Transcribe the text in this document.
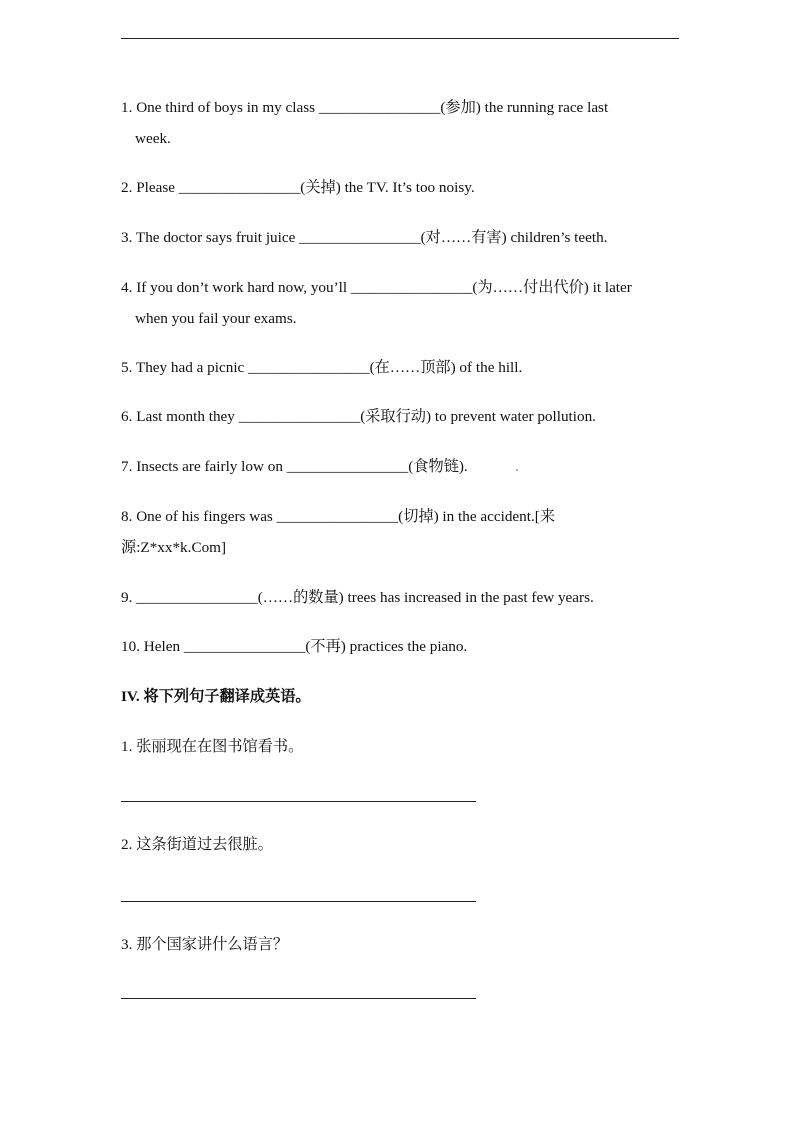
1. One third of boys in my class ________________(参加) the running race last
week.
2. Please ________________(关掉) the TV. It’s too noisy.
3. The doctor says fruit juice ________________(对……有害) children’s teeth.
4. If you don’t work hard now, you’ll ________________(为……付出代价) it later
when you fail your exams.
5. They had a picnic ________________(在……顶部) of the hill.
6. Last month they ________________(采取行动) to prevent water pollution.
7. Insects are fairly low on ________________(食物链).
8. One of his fingers was ________________(切掉) in the accident.[来
源:Z*xx*k.Com]
9. ________________(……的数量) trees has increased in the past few years.
10. Helen ________________(不再) practices the piano.
IV. 将下列句子翻译成英语。
1. 张丽现在在图书馆看书。
2. 这条街道过去很脏。
3. 那个国家讲什么语言？
